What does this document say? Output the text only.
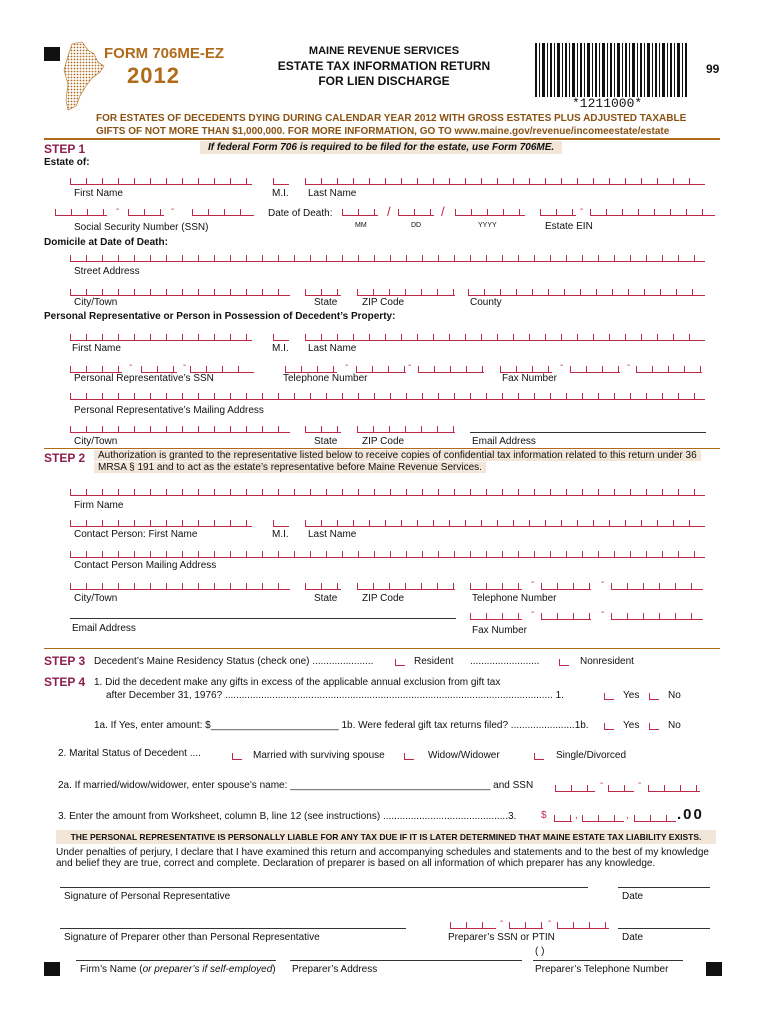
FORM 706ME-EZ
2012
MAINE REVENUE SERVICES
ESTATE TAX INFORMATION RETURN
FOR LIEN DISCHARGE
99
*1211000*
FOR ESTATES OF DECEDENTS DYING DURING CALENDAR YEAR 2012 WITH GROSS ESTATES PLUS ADJUSTED TAXABLE
GIFTS OF NOT MORE THAN $1,000,000. FOR MORE INFORMATION, GO TO www.maine.gov/revenue/incomeestate/estate
STEP 1	If federal Form 706 is required to be filed for the estate, use Form 706ME.
Estate of:
First Name	M.I. Last Name
-	-	Date of Death:	/	/	-
Social Security Number (SSN)	MM	DD	YYYY	Estate EIN
Domicile at Date of Death:
Street Address
City/Town	State ZIP Code	County
Personal Representative or Person in Possession of Decedent’s Property:
First Name	M.I. Last Name
-	-	-	-	-	-
Personal Representative’s SSN	Telephone Number	Fax Number
Personal Representative’s Mailing Address
City/Town	State ZIP Code	Email Address
STEP 2	Authorization is granted to the representative listed below to receive copies of confidential tax information related to this return under 36
MRSA § 191 and to act as the estate’s representative before Maine Revenue Services.
Firm Name
Contact Person: First Name	M.I. Last Name
Contact Person Mailing Address
-	-
City/Town	State ZIP Code	Telephone Number
-	-
Email Address	Fax Number
STEP 3 Decedent’s Maine Residency Status (check one) ......................	Resident .........................	Nonresident
STEP 4 1. Did the decedent make any gifts in excess of the applicable annual exclusion from gift tax
after December 31, 1976? ...................................................................................................................... 1.	Yes	No
1a. If Yes, enter amount: $_______________________ 1b. Were federal gift tax returns filed? .......................1b.	Yes	No
2. Marital Status of Decedent ....	Married with surviving spouse	Widow/Widower	Single/Divorced
2a. If married/widow/widower, enter spouse’s name: ____________________________________ and SSN	-	-
3. Enter the amount from Worksheet, column B, line 12 (see instructions) .............................................3. $	,	,	.00
THE PERSONAL REPRESENTATIVE IS PERSONALLY LIABLE FOR ANY TAX DUE IF IT IS LATER DETERMINED THAT MAINE ESTATE TAX LIABILITY EXISTS.
Under penalties of perjury, I declare that I have examined this return and accompanying schedules and statements and to the best of my knowledge
and belief they are true, correct and complete. Declaration of preparer is based on all information of which preparer has any knowledge.
Signature of Personal Representative	Date
-	-
Signature of Preparer other than Personal Representative	Preparer’s SSN or PTIN	Date
( )
Firm’s Name (or preparer’s if self-employed) Preparer’s Address	Preparer’s Telephone Number
